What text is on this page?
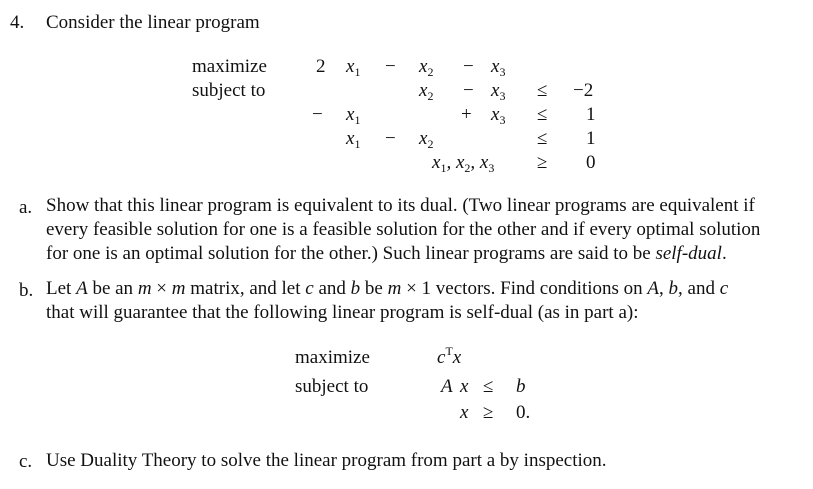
4. Consider the linear program
maximize
subject to
2 $x_1 - x_2 - x_3$
$x_2 - x_3 \le -2$
− $x_1$	+ $x_3 \le 1$
$x_1 - x_2$	≤ 1
$x_1$, $x_2$, $x_3 \ge 0$
a. Show that this linear program is equivalent to its dual. (Two linear programs are equivalent if
every feasible solution for one is a feasible solution for the other and if every optimal solution
for one is an optimal solution for the other.) Such linear programs are said to be self-dual.
b. Let A be an m × m matrix, and let c and b be m × 1 vectors. Find conditions on A, b, and c
that will guarantee that the following linear program is self-dual (as in part a):
maximize
subject to
$c^Tx$
A x ≤ b
x ≥ 0.
c. Use Duality Theory to solve the linear program from part a by inspection.
